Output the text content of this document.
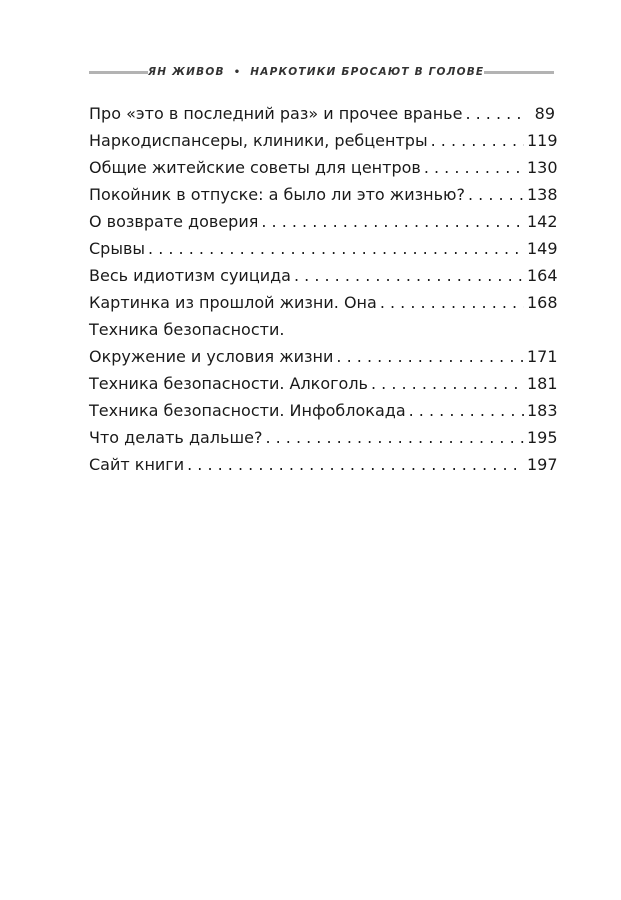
ЯН ЖИВОВ • НАРКОТИКИ БРОСАЮТ В ГОЛОВЕ
Про «это в последний раз» и прочее вранье . . .	89
Наркодиспансеры, клиники, ребцентры . . .	119
Общие житейские советы для центров . . .	130
Покойник в отпуске: а было ли это жизнью? . . .	138
О возврате доверия . . .	142
Срывы . . .	149
Весь идиотизм суицида . . .	164
Картинка из прошлой жизни. Она . . .	168
Техника безопасности.
Окружение и условия жизни . . .	171
Техника безопасности. Алкоголь . . .	181
Техника безопасности. Инфоблокада . . .	183
Что делать дальше? . . .	195
Сайт книги . . .	197
